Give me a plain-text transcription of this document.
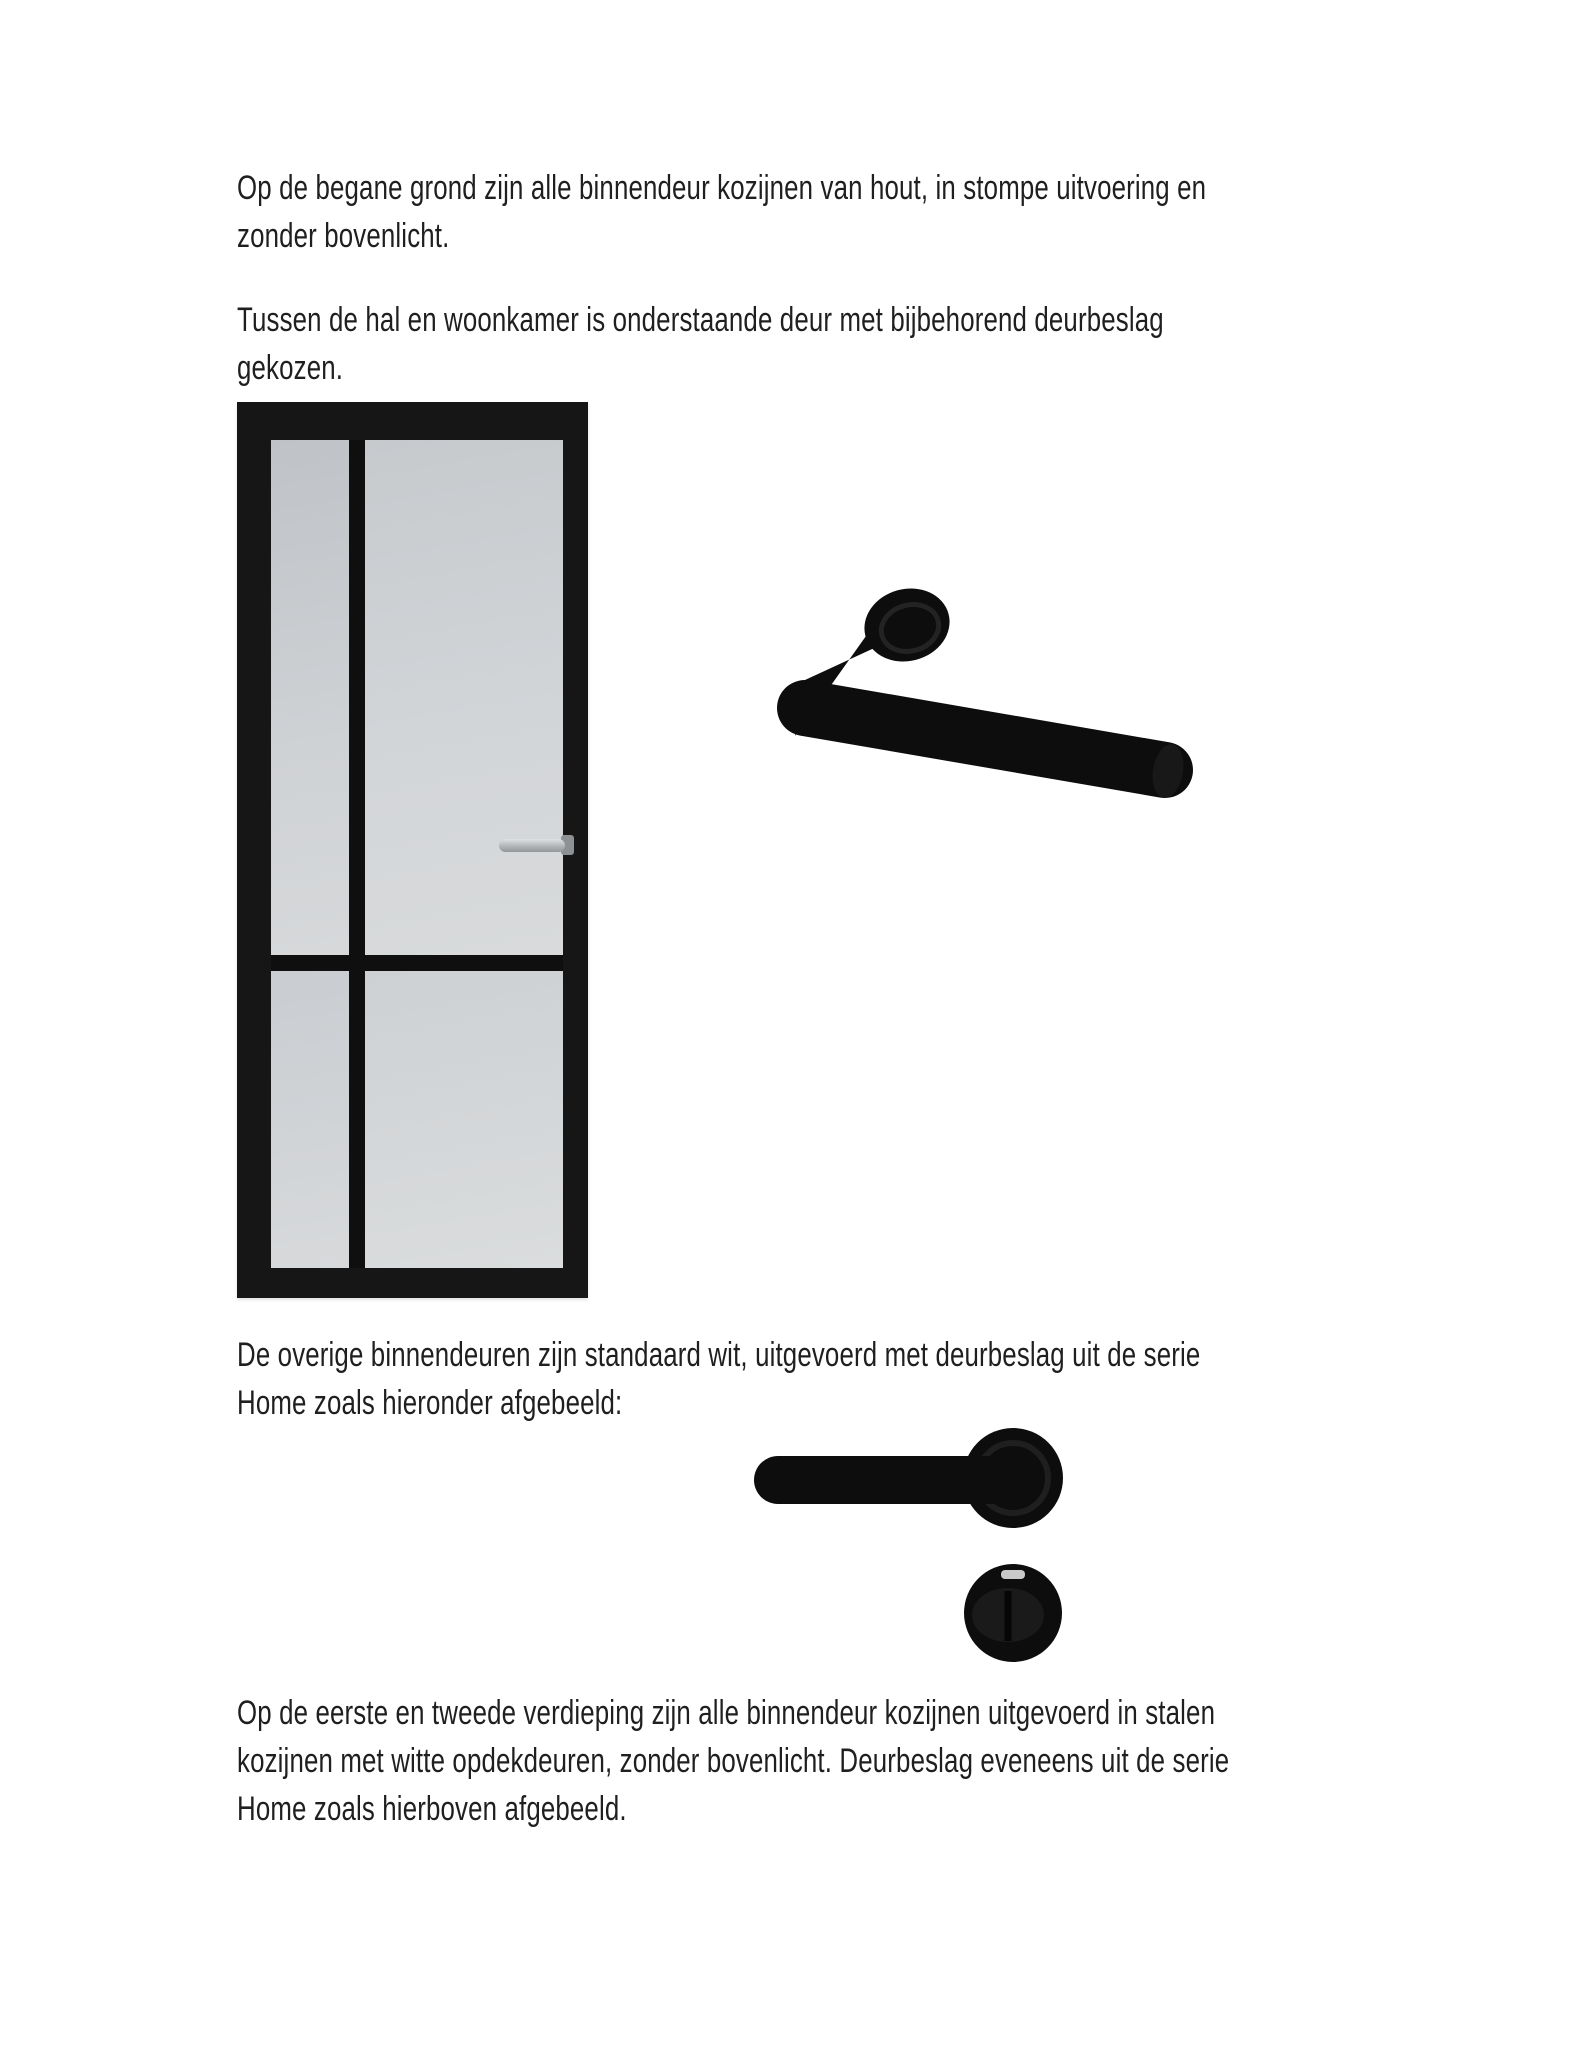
Op de begane grond zijn alle binnendeur kozijnen van hout, in stompe uitvoering en
zonder bovenlicht.
Tussen de hal en woonkamer is onderstaande deur met bijbehorend deurbeslag
gekozen.
De overige binnendeuren zijn standaard wit, uitgevoerd met deurbeslag uit de serie
Home zoals hieronder afgebeeld:
Op de eerste en tweede verdieping zijn alle binnendeur kozijnen uitgevoerd in stalen
kozijnen met witte opdekdeuren, zonder bovenlicht. Deurbeslag eveneens uit de serie
Home zoals hierboven afgebeeld.
